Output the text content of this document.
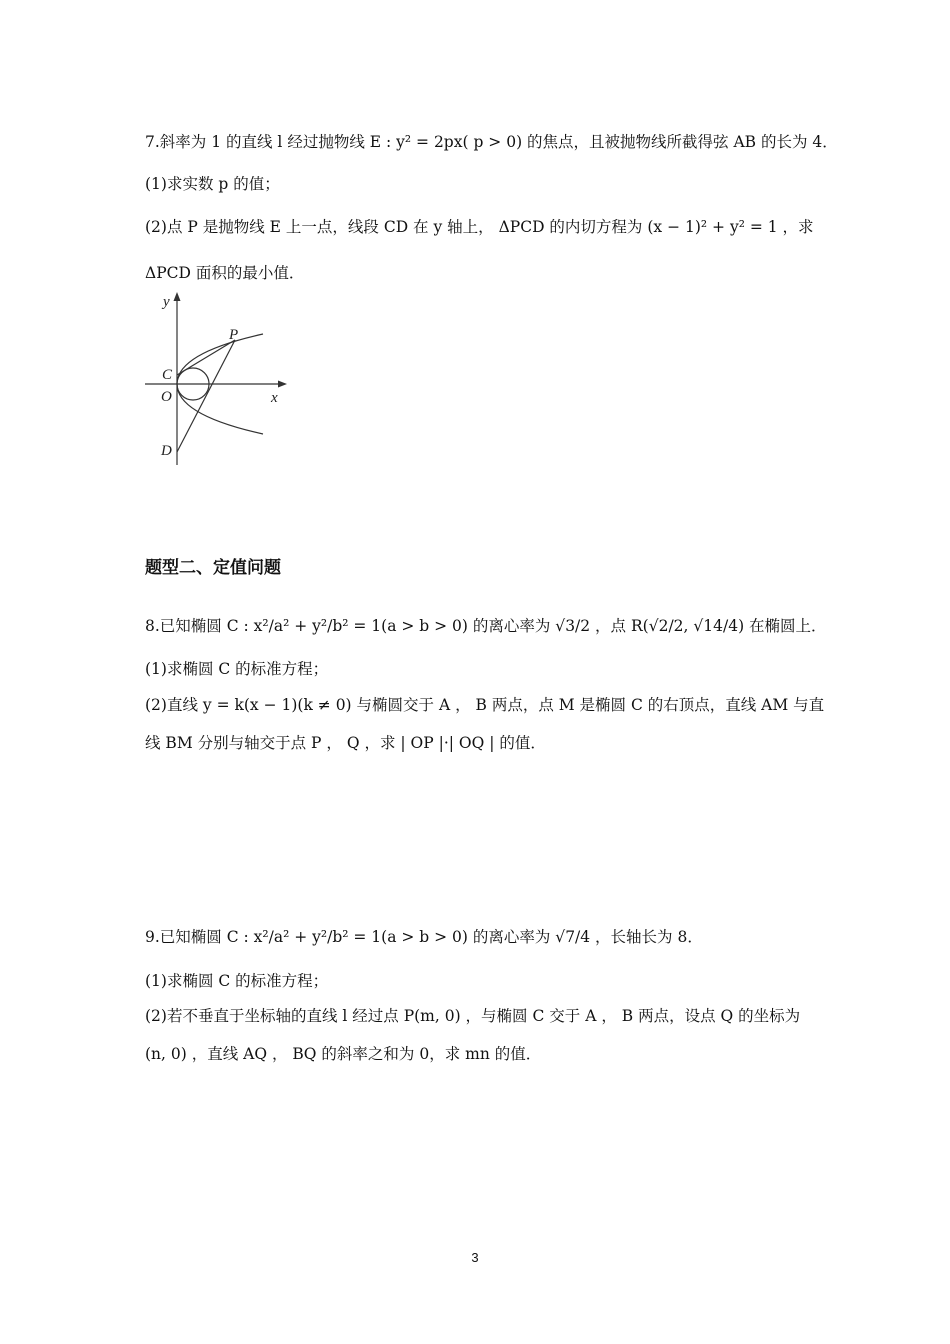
7.斜率为 1 的直线 l 经过抛物线 E : y² = 2px( p > 0) 的焦点，且被抛物线所截得弦 AB 的长为 4．
(1)求实数 p 的值；
(2)点 P 是抛物线 E 上一点，线段 CD 在 y 轴上， ΔPCD 的内切方程为 (x − 1)² + y² = 1 ，求
ΔPCD 面积的最小值．
P
C
O
D
y
x
题型二、定值问题
8.已知椭圆 C : x²/a² + y²/b² = 1(a > b > 0) 的离心率为 √3/2 ，点 R(√2/2, √14/4) 在椭圆上．
(1)求椭圆 C 的标准方程；
(2)直线 y = k(x − 1)(k ≠ 0) 与椭圆交于 A ， B 两点，点 M 是椭圆 C 的右顶点，直线 AM 与直
线 BM 分别与轴交于点 P ， Q ，求 | OP |·| OQ | 的值．
9.已知椭圆 C : x²/a² + y²/b² = 1(a > b > 0) 的离心率为 √7/4 ，长轴长为 8．
(1)求椭圆 C 的标准方程；
(2)若不垂直于坐标轴的直线 l 经过点 P(m, 0) ，与椭圆 C 交于 A ， B 两点，设点 Q 的坐标为
(n, 0) ，直线 AQ ， BQ 的斜率之和为 0，求 mn 的值．
3
